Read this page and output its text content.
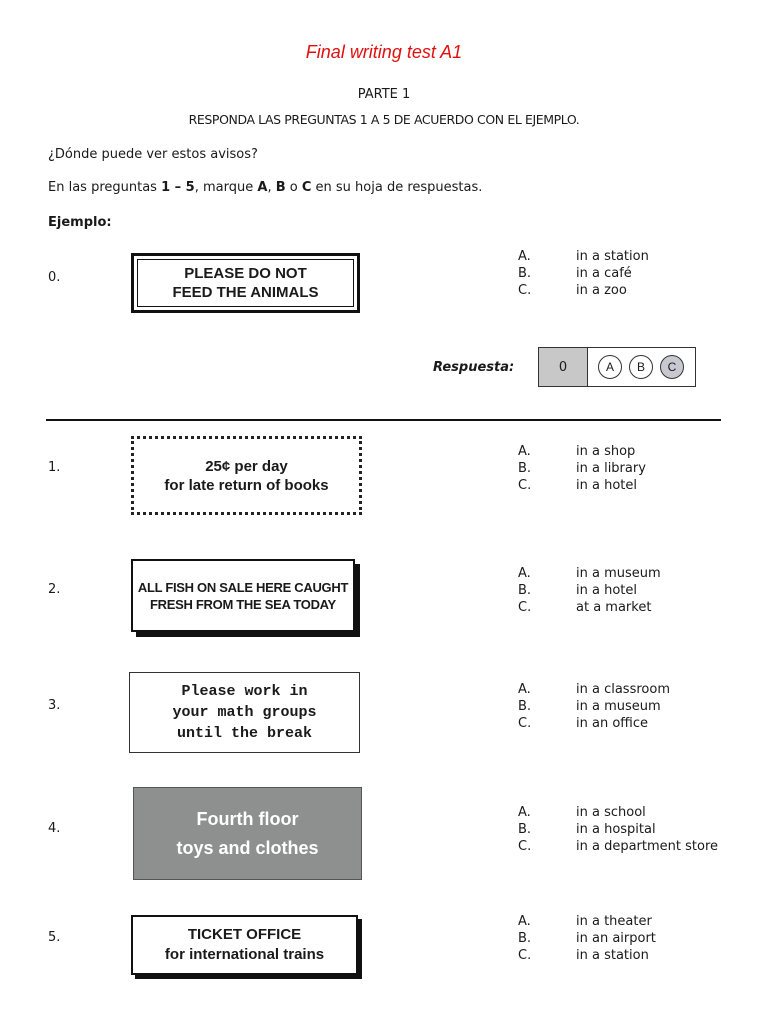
Final writing test A1
PARTE 1
RESPONDA LAS PREGUNTAS 1 A 5 DE ACUERDO CON EL EJEMPLO.
¿Dónde puede ver estos avisos?
En las preguntas 1 – 5, marque A, B o C en su hoja de respuestas.
Ejemplo:
0.	PLEASE DO NOT
FEED THE ANIMALS
A.	in a station
B.	in a café
C.	in a zoo
Respuesta:	0	A	B	C
1.	25¢ per day
for late return of books
A.	in a shop
B.	in a library
C.	in a hotel
2.	ALL FISH ON SALE HERE CAUGHT
FRESH FROM THE SEA TODAY
A.	in a museum
B.	in a hotel
C.	at a market
3.
Please work in
your math groups
until the break
A.	in a classroom
B.	in a museum
C.	in an office
4.	Fourth floor
toys and clothes
A.	in a school
B.	in a hospital
C.	in a department store
5.	TICKET OFFICE
for international trains
A.	in a theater
B.	in an airport
C.	in a station
